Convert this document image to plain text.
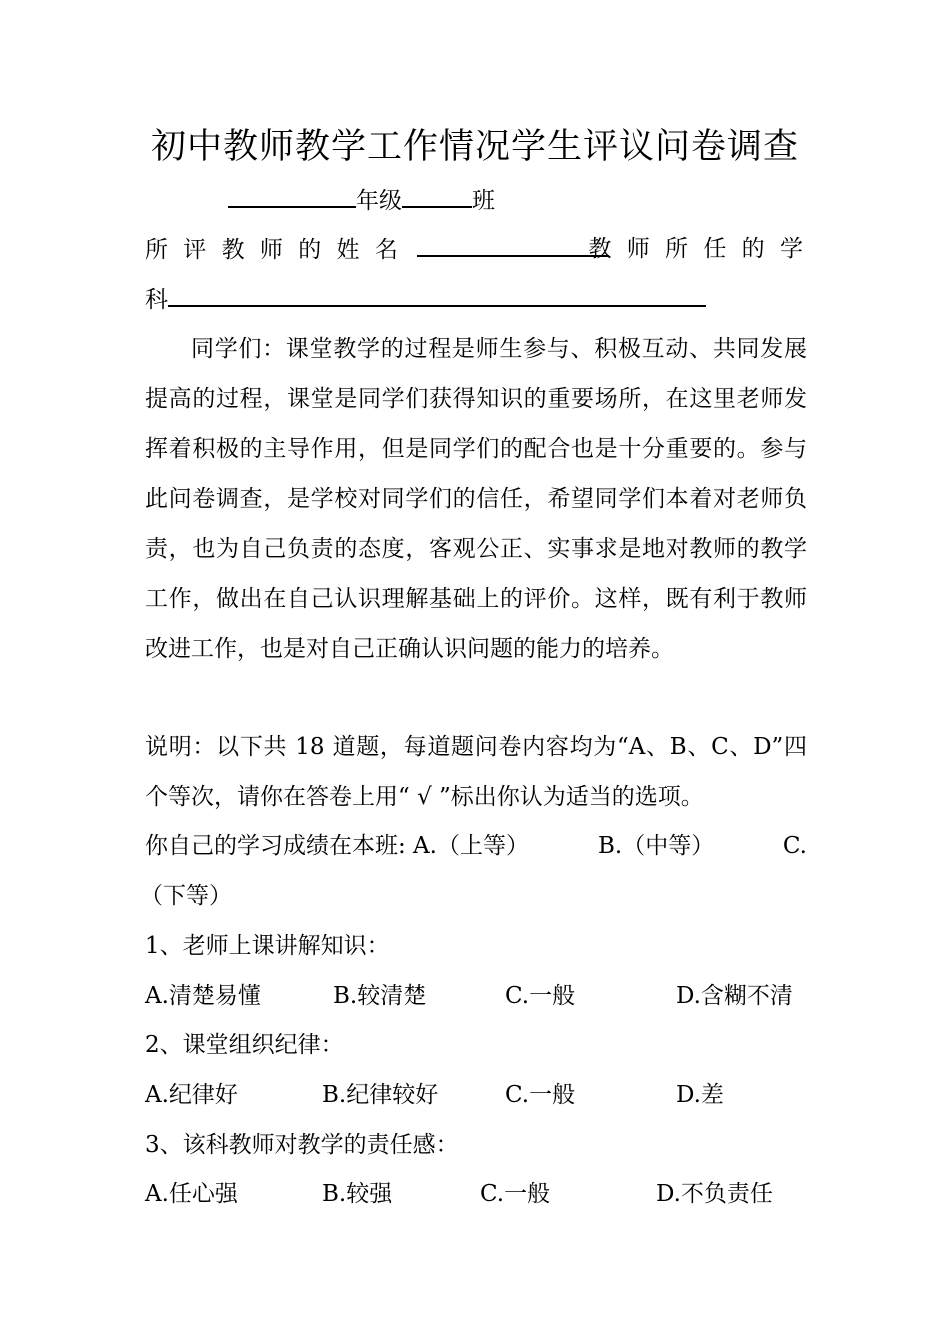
初中教师教学工作情况学生评议问卷调查
年级	班
所 评 教 师 的 姓 名	教 师 所 任 的 学
科

同学们：课堂教学的过程是师生参与、积极互动、共同发展提高的过程，课堂是同学们获得知识的重要场所，在这里老师发挥着积极的主导作用，但是同学们的配合也是十分重要的。参与此问卷调查，是学校对同学们的信任，希望同学们本着对老师负责，也为自己负责的态度，客观公正、实事求是地对教师的教学工作，做出在自己认识理解基础上的评价。这样，既有利于教师改进工作，也是对自己正确认识问题的能力的培养。

说明：以下共 18 道题，每道题问卷内容均为“A、B、C、D”四个等次，请你在答卷上用“ √ ”标出你认为适当的选项。

你自己的学习成绩在本班: A.（上等）	B.（中等）	C.
（下等）
1、老师上课讲解知识：
A.清楚易懂	B.较清楚	C.一般	D.含糊不清
2、课堂组织纪律：
A.纪律好	B.纪律较好	C.一般	D.差
3、该科教师对教学的责任感：
A.任心强	B.较强	C.一般	D.不负责任
